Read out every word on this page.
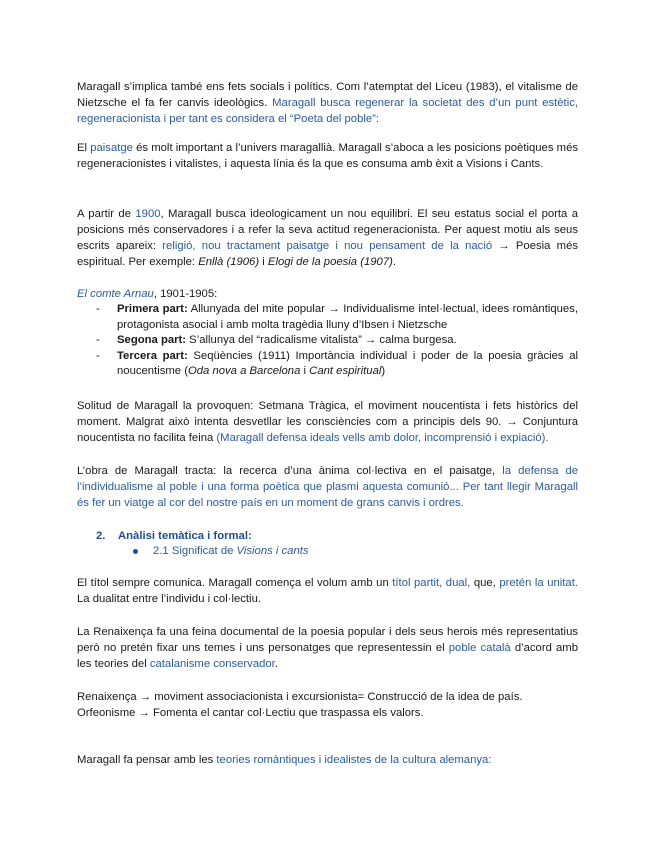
Maragall s’implica també ens fets socials i polítics. Com l’atemptat del Liceu (1983), el vitalisme de Nietzsche el fa fer canvis ideològics. Maragall busca regenerar la societat des d’un punt estètic, regeneracionista i per tant es considera el “Poeta del poble”:

El paisatge és molt important a l’univers maragallià. Maragall s’aboca a les posicions poètiques més regeneracionistes i vitalistes, i aquesta línia és la que es consuma amb èxit a Visions i Cants.

A partir de 1900, Maragall busca ideologicament un nou equilibri. El seu estatus social el porta a posicions més conservadores i a refer la seva actitud regeneracionista. Per aquest motiu als seus escrits apareix: religió, nou tractament paisatge i nou pensament de la nació → Poesia més espiritual. Per exemple: Enllà (1906) i Elogi de la poesia (1907).

El comte Arnau, 1901-1905:

- Primera part: Allunyada del mite popular → Individualisme intel·lectual, idees romàntiques, protagonista asocial i amb molta tragèdia lluny d’Ibsen i Nietzsche
- Segona part: S’allunya del “radicalisme vitalista” → calma burgesa.
- Tercera part: Seqüències (1911) Importància individual i poder de la poesia gràcies al noucentisme (Oda nova a Barcelona i Cant espiritual)

Solitud de Maragall la provoquen: Setmana Tràgica, el moviment noucentista i fets històrics del moment. Malgrat això intenta desvetllar les consciències com a principis dels 90. → Conjuntura noucentista no facilita feina (Maragall defensa ideals vells amb dolor, incomprensió i expiació).

L’obra de Maragall tracta: la recerca d’una ànima col·lectiva en el paisatge, la defensa de l’individualisme al poble i una forma poètica que plasmi aquesta comunió... Per tant llegir Maragall és fer un viatge al cor del nostre país en un moment de grans canvis i ordres.

2. Anàlisi temàtica i formal:
2.1 Significat de Visions i cants

El títol sempre comunica. Maragall comença el volum amb un títol partit, dual, que, pretén la unitat. La dualitat entre l’individu i col·lectiu.

La Renaixença fa una feina documental de la poesia popular i dels seus herois més representatius però no pretén fixar uns temes i uns personatges que representessin el poble català d’acord amb les teories del catalanisme conservador.

Renaixença → moviment associacionista i excursionista= Construcció de la idea de país.
Orfeonisme → Fomenta el cantar col·Lectiu que traspassa els valors.

Maragall fa pensar amb les teories romàntiques i idealistes de la cultura alemanya:
